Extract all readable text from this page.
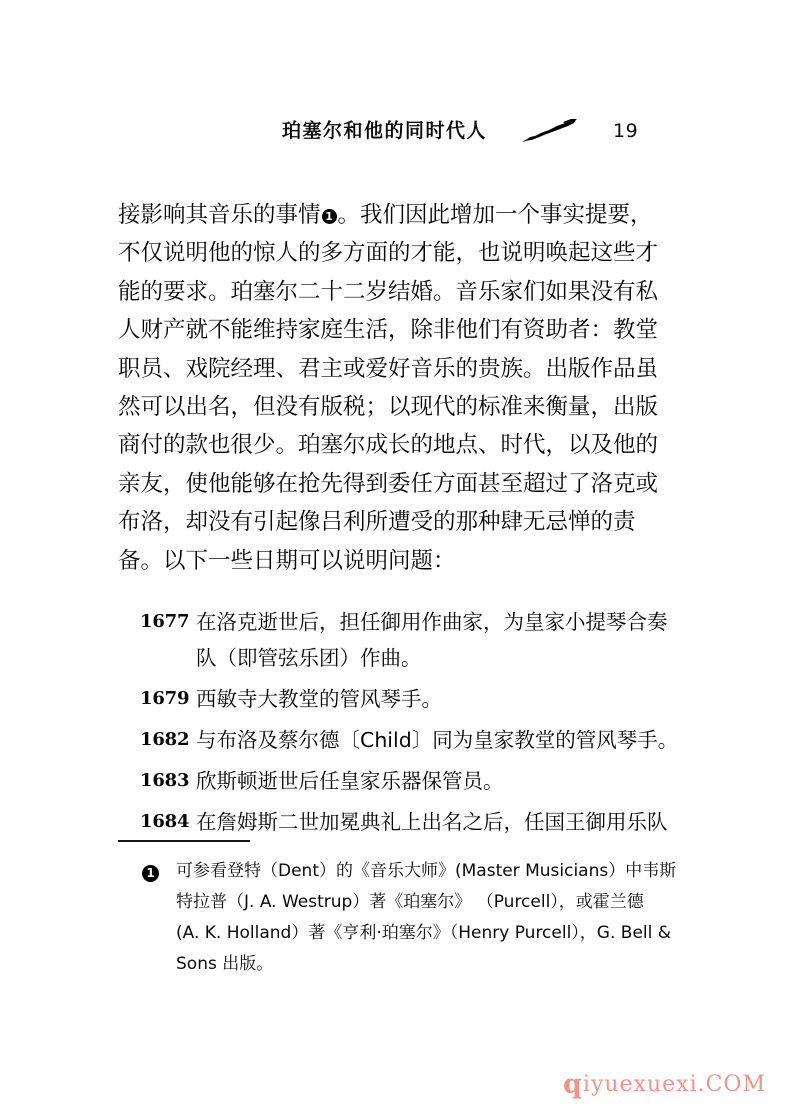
珀塞尔和他的同时代人	19
接影响其音乐的事情 1 。我们因此增加一个事实提要，
不仅说明他的惊人的多方面的才能，也说明唤起这些才
能的要求。珀塞尔二十二岁结婚。音乐家们如果没有私
人财产就不能维持家庭生活，除非他们有资助者：教堂
职员、戏院经理、君主或爱好音乐的贵族。出版作品虽
然可以出名，但没有版税；以现代的标准来衡量，出版
商付的款也很少。珀塞尔成长的地点、时代，以及他的
亲友，使他能够在抢先得到委任方面甚至超过了洛克或
布洛，却没有引起像吕利所遭受的那种肆无忌惮的责
备。以下一些日期可以说明问题：
1677 在洛克逝世后，担任御用作曲家，为皇家小提琴合奏
队（即管弦乐团）作曲。
1679 西敏寺大教堂的管风琴手。
1682 与布洛及蔡尔德〔Child〕同为皇家教堂的管风琴手。
1683 欣斯顿逝世后任皇家乐器保管员。
1684 在詹姆斯二世加冕典礼上出名之后，任国王御用乐队
1 可参看登特（Dent）的《音乐大师》(Master Musicians）中韦斯
特拉普（J. A. Westrup）著《珀塞尔》 （Purcell），或霍兰德
(A. K. Holland）著《亨利·珀塞尔》（Henry Purcell），G. Bell &
Sons 出版。
qiyuexuexi.COM
